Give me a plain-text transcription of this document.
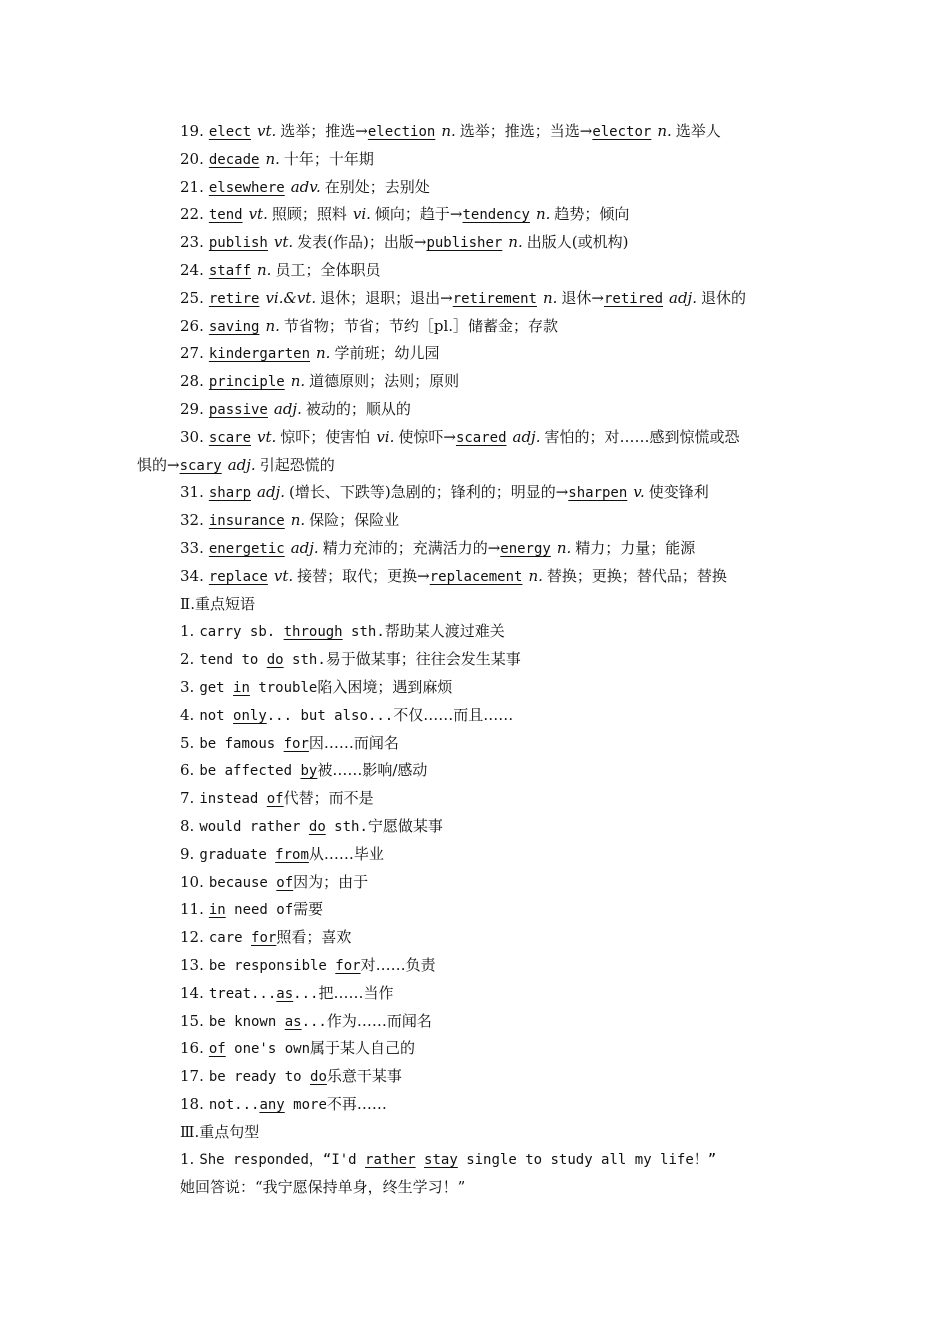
19. elect vt. 选举；推选→election n. 选举；推选；当选→elector n. 选举人
20. decade n. 十年；十年期
21. elsewhere adv. 在别处；去别处
22. tend vt. 照顾；照料 vi. 倾向；趋于→tendency n. 趋势；倾向
23. publish vt. 发表(作品)；出版→publisher n. 出版人(或机构)
24. staff n. 员工；全体职员
25. retire vi.&vt. 退休；退职；退出→retirement n. 退休→retired adj. 退休的
26. saving n. 节省物；节省；节约［pl.］储蓄金；存款
27. kindergarten n. 学前班；幼儿园
28. principle n. 道德原则；法则；原则
29. passive adj. 被动的；顺从的
30. scare vt. 惊吓；使害怕 vi. 使惊吓→scared adj. 害怕的；对……感到惊慌或恐
惧的→scary adj. 引起恐慌的
31. sharp adj. (增长、下跌等)急剧的；锋利的；明显的→sharpen v. 使变锋利
32. insurance n. 保险；保险业
33. energetic adj. 精力充沛的；充满活力的→energy n. 精力；力量；能源
34. replace vt. 接替；取代；更换→replacement n. 替换；更换；替代品；替换
Ⅱ.重点短语
1. carry sb. through sth.帮助某人渡过难关
2. tend to do sth.易于做某事；往往会发生某事
3. get in trouble陷入困境；遇到麻烦
4. not only... but also...不仅……而且……
5. be famous for因……而闻名
6. be affected by被……影响/感动
7. instead of代替；而不是
8. would rather do sth.宁愿做某事
9. graduate from从……毕业
10. because of因为；由于
11. in need of需要
12. care for照看；喜欢
13. be responsible for对……负责
14. treat...as...把……当作
15. be known as...作为……而闻名
16. of one's own属于某人自己的
17. be ready to do乐意干某事
18. not...any more不再……
Ⅲ.重点句型
1. She responded，“I'd rather stay single to study all my life！”
她回答说：“我宁愿保持单身，终生学习！”
